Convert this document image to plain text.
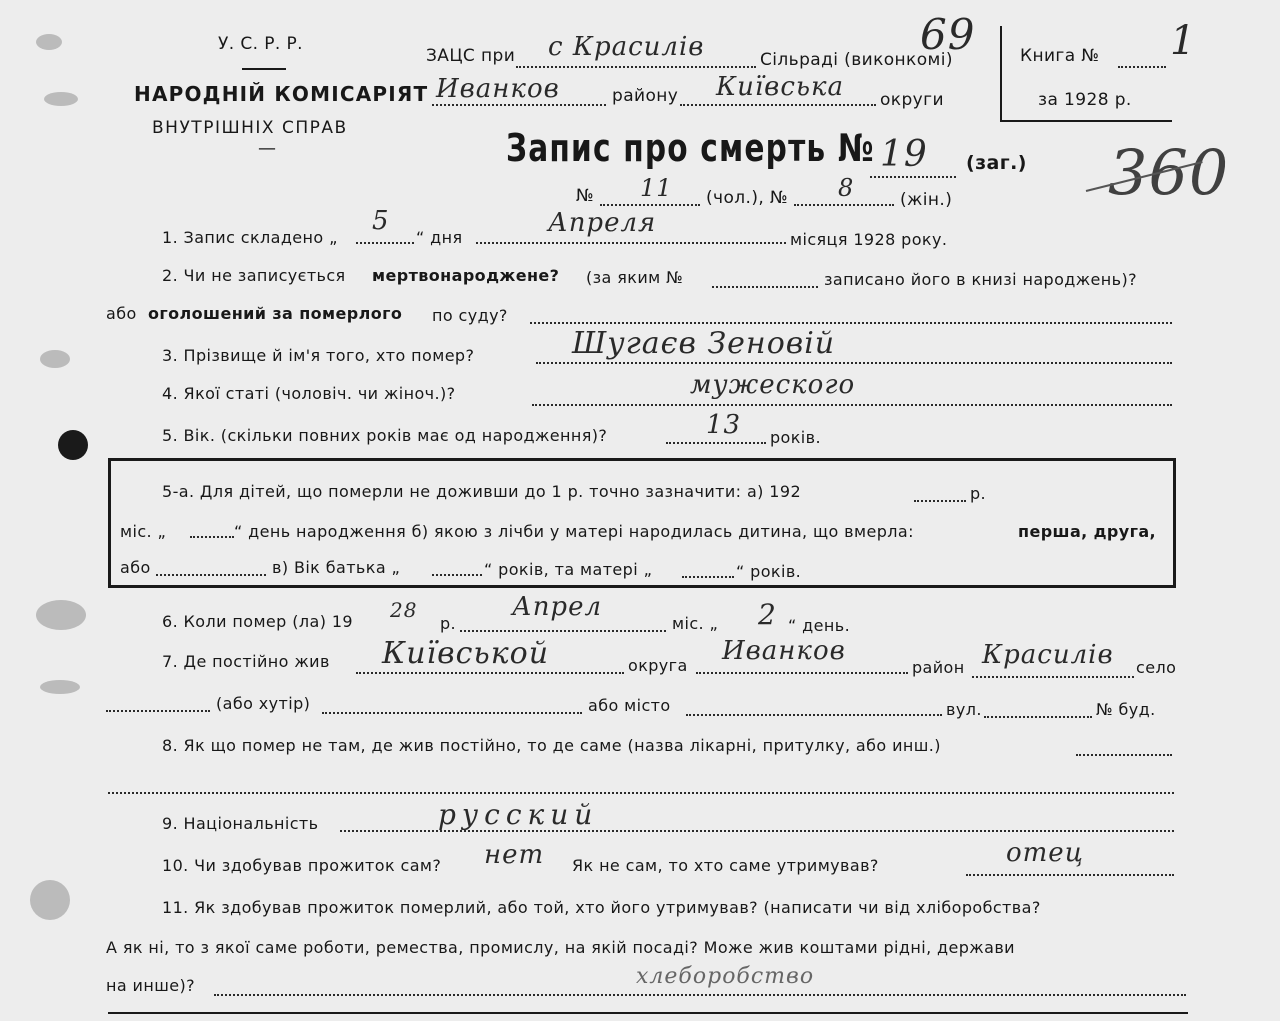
У. С. Р. Р.
НАРОДНІЙ КОМІСАРІЯТ
ВНУТРІШНІХ СПРАВ
—
ЗАЦС при с Красилів	Сільраді (виконкомі)
69
Иванков	району Київська округи
Книга № 1
за 1928 р.
360
Запис про смерть № 19 (заг.)
№ 11 (чол.), № 8	(жін.)
1. Запис складено „
5
“ дня	Апреля
місяця 1928 року.
2. Чи не записується мертвонароджене? (за яким №	записано його в книзі народжень)?
або оголошений за померлого по суду?
3. Прізвище й ім'я того, хто помер?	Шугаєв Зеновій
4. Якої статі (чоловіч. чи жіноч.)?	мужеского
5. Вік. (скільки повних років має од народження)?	13 років.
5-а. Для дітей, що померли не доживши до 1 р. точно зазначити: а) 192	р.
міс. „	“ день народження б) якою з лічби у матері народилась дитина, що вмерла:	перша, друга,
або	в) Вік батька „	“ років, та матері „	“ років.
6. Коли помер (ла) 19 28
р.
Апрел
міс. „ 2 “ день.
7. Де постійно жив Київськой	округа Иванков
район Красилів село
(або хутір)	або місто	вул.	№ буд.
8. Як що помер не там, де жив постійно, то де саме (назва лікарні, притулку, або инш.)
9. Національність	русский
10. Чи здобував прожиток сам? нет Як не сам, то хто саме утримував?	отец
11. Як здобував прожиток померлий, або той, хто його утримував? (написати чи від хліборобства?
А як ні, то з якої саме роботи, ремества, промислу, на якій посаді? Може жив коштами рідні, держави
на инше)?	хлеборобство
